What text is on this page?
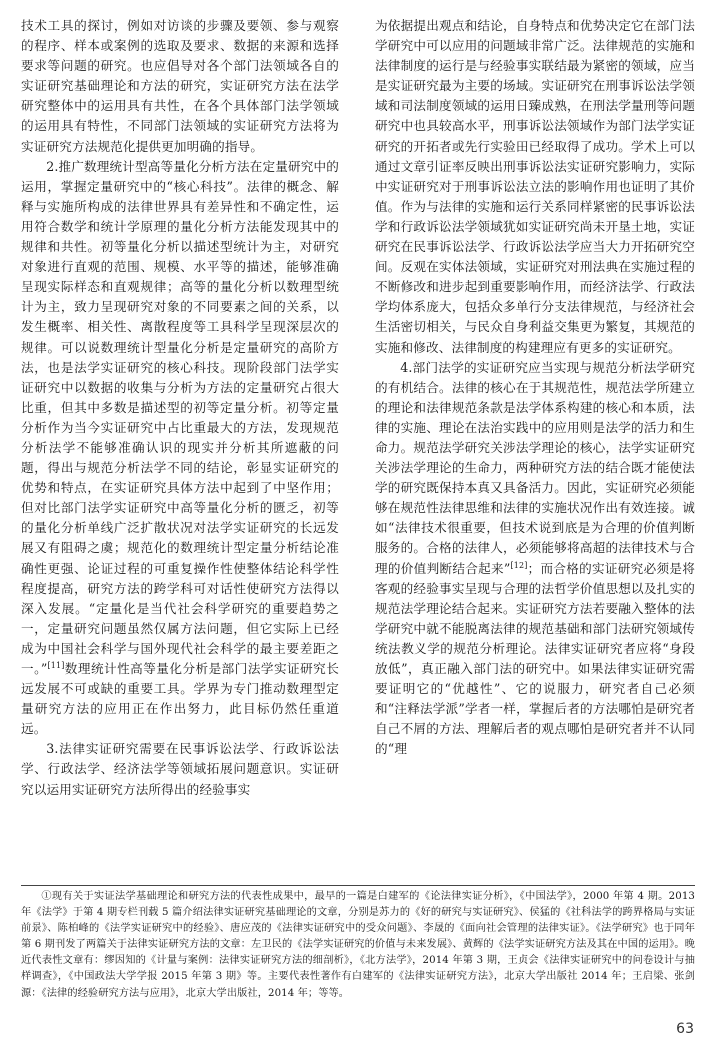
技术工具的探讨，例如对访谈的步骤及要领、参与观察的程序、样本或案例的选取及要求、数据的来源和选择要求等问题的研究。也应倡导对各个部门法领域各自的实证研究基础理论和方法的研究，实证研究方法在法学研究整体中的运用具有共性，在各个具体部门法学领域的运用具有特性，不同部门法领域的实证研究方法将为实证研究方法规范化提供更加明确的指导。

2.推广数理统计型高等量化分析方法在定量研究中的运用，掌握定量研究中的“核心科技”。法律的概念、解释与实施所构成的法律世界具有差异性和不确定性，运用符合数学和统计学原理的量化分析方法能发现其中的规律和共性。初等量化分析以描述型统计为主，对研究对象进行直观的范围、规模、水平等的描述，能够准确呈现实际样态和直观规律；高等的量化分析以数理型统计为主，致力呈现研究对象的不同要素之间的关系，以发生概率、相关性、离散程度等工具科学呈现深层次的规律。可以说数理统计型量化分析是定量研究的高阶方法，也是法学实证研究的核心科技。现阶段部门法学实证研究中以数据的收集与分析为方法的定量研究占很大比重，但其中多数是描述型的初等定量分析。初等定量分析作为当今实证研究中占比重最大的方法，发现规范分析法学不能够准确认识的现实并分析其所遮蔽的问题，得出与规范分析法学不同的结论，彰显实证研究的优势和特点，在实证研究具体方法中起到了中坚作用；但对比部门法学实证研究中高等量化分析的匮乏，初等的量化分析单线广泛扩散状况对法学实证研究的长远发展又有阻碍之虞；规范化的数理统计型定量分析结论准确性更强、论证过程的可重复操作性使整体结论科学性程度提高，研究方法的跨学科可对话性使研究方法得以深入发展。“定量化是当代社会科学研究的重要趋势之一，定量研究问题虽然仅属方法问题，但它实际上已经成为中国社会科学与国外现代社会科学的最主要差距之一。”[11]数理统计性高等量化分析是部门法学实证研究长远发展不可或缺的重要工具。学界为专门推动数理型定量研究方法的应用正在作出努力，此目标仍然任重道远。

3.法律实证研究需要在民事诉讼法学、行政诉讼法学、行政法学、经济法学等领域拓展问题意识。实证研究以运用实证研究方法所得出的经验事实

为依据提出观点和结论，自身特点和优势决定它在部门法学研究中可以应用的问题域非常广泛。法律规范的实施和法律制度的运行是与经验事实联结最为紧密的领域，应当是实证研究最为主要的场域。实证研究在刑事诉讼法学领域和司法制度领域的运用日臻成熟，在刑法学量刑等问题研究中也具较高水平，刑事诉讼法领域作为部门法学实证研究的开拓者或先行实验田已经取得了成功。学术上可以通过文章引证率反映出刑事诉讼法实证研究影响力，实际中实证研究对于刑事诉讼法立法的影响作用也证明了其价值。作为与法律的实施和运行关系同样紧密的民事诉讼法学和行政诉讼法学领域犹如实证研究尚未开垦土地，实证研究在民事诉讼法学、行政诉讼法学应当大力开拓研究空间。反观在实体法领域，实证研究对刑法典在实施过程的不断修改和进步起到重要影响作用，而经济法学、行政法学均体系庞大，包括众多单行分支法律规范，与经济社会生活密切相关，与民众自身利益交集更为繁复，其规范的实施和修改、法律制度的构建理应有更多的实证研究。

4.部门法学的实证研究应当实现与规范分析法学研究的有机结合。法律的核心在于其规范性，规范法学所建立的理论和法律规范条款是法学体系构建的核心和本质，法律的实施、理论在法治实践中的应用则是法学的活力和生命力。规范法学研究关涉法学理论的核心，法学实证研究关涉法学理论的生命力，两种研究方法的结合既才能使法学的研究既保持本真又具备活力。因此，实证研究必须能够在规范性法律思维和法律的实施状况作出有效连接。诚如“法律技术很重要，但技术说到底是为合理的价值判断服务的。合格的法律人，必须能够将高超的法律技术与合理的价值判断结合起来”[12]；而合格的实证研究必须是将客观的经验事实呈现与合理的法哲学价值思想以及扎实的规范法学理论结合起来。实证研究方法若要融入整体的法学研究中就不能脱离法律的规范基础和部门法研究领域传统法教义学的规范分析理论。法律实证研究者应将“身段放低”，真正融入部门法的研究中。如果法律实证研究需要证明它的“优越性”、它的说服力，研究者自己必须和“注释法学派”学者一样，掌握后者的方法哪怕是研究者自己不屑的方法、理解后者的观点哪怕是研究者并不认同的“理

①现有关于实证法学基础理论和研究方法的代表性成果中，最早的一篇是白建军的《论法律实证分析》，《中国法学》，2000 年第 4 期。2013 年《法学》于第 4 期专栏刊载 5 篇介绍法律实证研究基础理论的文章，分别是苏力的《好的研究与实证研究》、侯猛的《社科法学的跨界格局与实证前景》、陈柏峰的《法学实证研究中的经验》、唐应茂的《法律实证研究中的受众问题》、李晟的《面向社会管理的法律实证》。《法学研究》也于同年第 6 期刊发了两篇关于法律实证研究方法的文章：左卫民的《法学实证研究的价值与未来发展》、黄辉的《法学实证研究方法及其在中国的运用》。晚近代表性文章有：缪因知的《计量与案例：法律实证研究方法的细剖析》，《北方法学》，2014 年第 3 期，王贞会《法律实证研究中的问卷设计与抽样调查》，《中国政法大学学报 2015 年第 3 期》等。主要代表性著作有白建军的《法律实证研究方法》，北京大学出版社 2014 年；王启梁、张剑源：《法律的经验研究方法与应用》，北京大学出版社，2014 年；等等。

63
